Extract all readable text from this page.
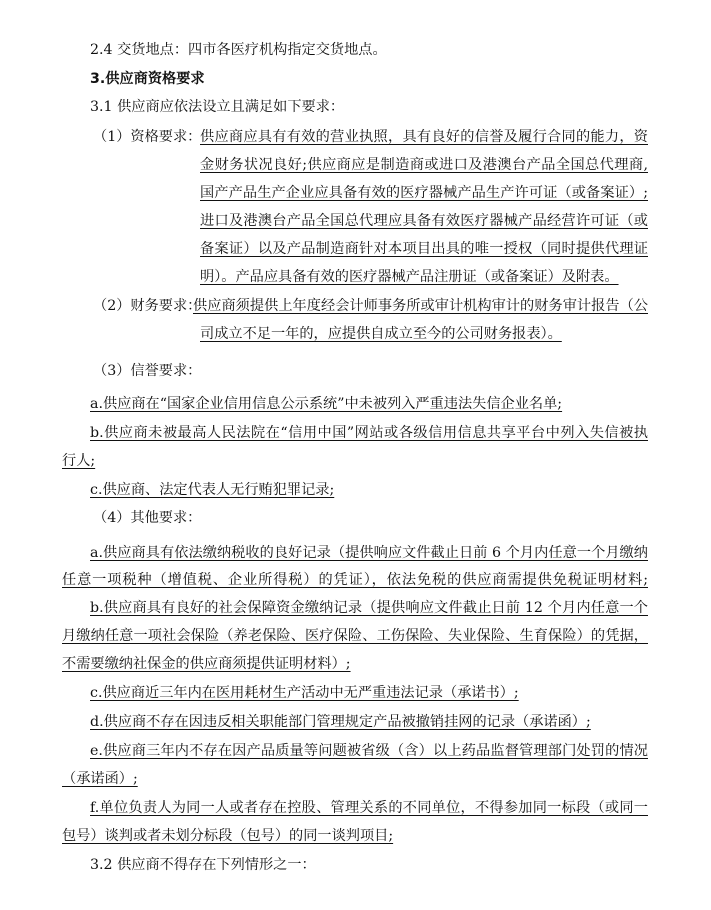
2.4 交货地点：四市各医疗机构指定交货地点。
3.供应商资格要求
3.1 供应商应依法设立且满足如下要求：
（1）资格要求：
供应商应具有有效的营业执照，具有良好的信誉及履行合同的能力，资
金财务状况良好;供应商应是制造商或进口及港澳台产品全国总代理商,
国产产品生产企业应具备有效的医疗器械产品生产许可证（或备案证）;
进口及港澳台产品全国总代理应具备有效医疗器械产品经营许可证（或
备案证）以及产品制造商针对本项目出具的唯一授权（同时提供代理证
明）。产品应具备有效的医疗器械产品注册证（或备案证）及附表。
（2）财务要求：
供应商须提供上年度经会计师事务所或审计机构审计的财务审计报告（公
司成立不足一年的，应提供自成立至今的公司财务报表）。
（3）信誉要求：
a.供应商在“国家企业信用信息公示系统”中未被列入严重违法失信企业名单;
b.供应商未被最高人民法院在“信用中国”网站或各级信用信息共享平台中列入失信被执
行人;
c.供应商、法定代表人无行贿犯罪记录;
（4）其他要求：
a.供应商具有依法缴纳税收的良好记录（提供响应文件截止日前 6 个月内任意一个月缴纳
任意一项税种（增值税、企业所得税）的凭证），依法免税的供应商需提供免税证明材料;
b.供应商具有良好的社会保障资金缴纳记录（提供响应文件截止日前 12 个月内任意一个
月缴纳任意一项社会保险（养老保险、医疗保险、工伤保险、失业保险、生育保险）的凭据，
不需要缴纳社保金的供应商须提供证明材料）;
c.供应商近三年内在医用耗材生产活动中无严重违法记录（承诺书）;
d.供应商不存在因违反相关职能部门管理规定产品被撤销挂网的记录（承诺函）;
e.供应商三年内不存在因产品质量等问题被省级（含）以上药品监督管理部门处罚的情况
（承诺函）;
f.单位负责人为同一人或者存在控股、管理关系的不同单位，不得参加同一标段（或同一
包号）谈判或者未划分标段（包号）的同一谈判项目;
3.2 供应商不得存在下列情形之一：
